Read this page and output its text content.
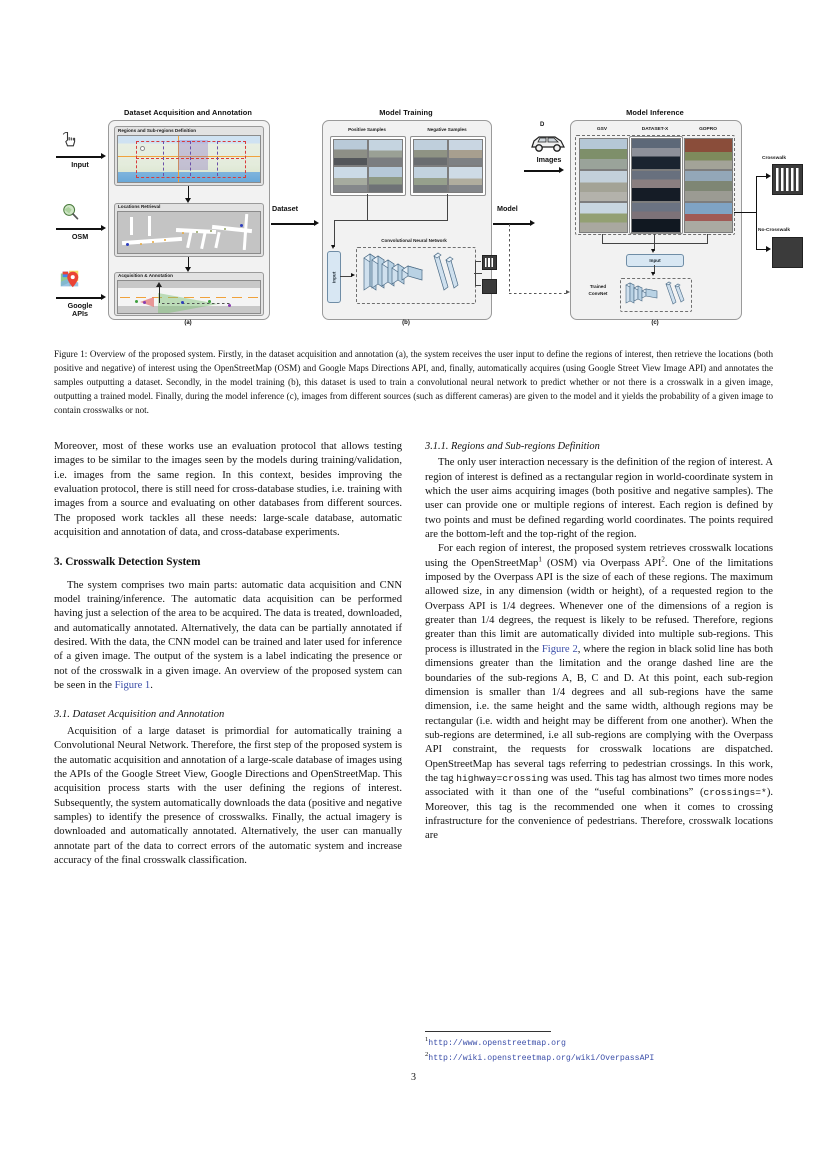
Input
OSM
Google
APIs
Dataset Acquisition and Annotation
Regions and Sub-regions Definition
Locations Retrieval
Acquisition & Annotation
(a)
Dataset
Model Training
Positive Samples	Negative Samples
Input
Convolutional Neural Network
(b)
Model
D
Images
Model Inference
GSV	DATASET-X	GOPRO
Input
Trained
ConvNet
(c)
Crosswalk
No-Crosswalk
Figure 1: Overview of the proposed system. Firstly, in the dataset acquisition and annotation (a), the system receives the user input to define the regions of interest, then retrieve the locations (both positive and negative) of interest using the OpenStreetMap (OSM) and Google Maps Directions API, and, finally, automatically acquires (using Google Street View Image API) and annotates the samples outputting a dataset. Secondly, in the model training (b), this dataset is used to train a convolutional neural network to predict whether or not there is a crosswalk in a given image, outputting a trained model. Finally, during the model inference (c), images from different sources (such as different cameras) are given to the model and it yields the probability of a given image to contain crosswalks or not.

Moreover, most of these works use an evaluation protocol that allows testing images to be similar to the images seen by the models during training/validation, i.e. images from the same region. In this context, besides improving the evaluation protocol, there is still need for cross-database studies, i.e. training with images from a source and evaluating on other databases from different sources. The proposed work tackles all these needs: large-scale database, automatic acquisition and annotation of data, and cross-database experiments.

3. Crosswalk Detection System

The system comprises two main parts: automatic data acquisition and CNN model training/inference. The automatic data acquisition can be performed having just a selection of the area to be acquired. The data is treated, downloaded, and automatically annotated. Alternatively, the data can be partially annotated if desired. With the data, the CNN model can be trained and later used for inference of a given image. The output of the system is a label indicating the presence or not of the crosswalk in a given image. An overview of the proposed system can be seen in the Figure 1.

3.1. Dataset Acquisition and Annotation

Acquisition of a large dataset is primordial for automatically training a Convolutional Neural Network. Therefore, the first step of the proposed system is the automatic acquisition and annotation of a large-scale database of images using the APIs of the Google Street View, Google Directions and OpenStreetMap. This acquisition process starts with the user defining the regions of interest. Subsequently, the system automatically downloads the data (positive and negative samples) to identify the presence of crosswalks. Finally, the actual imagery is downloaded and automatically annotated. Alternatively, the user can manually annotate part of the data to correct errors of the automatic system and increase accuracy of the final crosswalk classification.

3.1.1. Regions and Sub-regions Definition

The only user interaction necessary is the definition of the region of interest. A region of interest is defined as a rectangular region in world-coordinate system in which the user aims acquiring images (both positive and negative samples). The user can provide one or multiple regions of interest. Each region is defined by two points and must be defined regarding world coordinates. The points required are the bottom-left and the top-right of the region.

For each region of interest, the proposed system retrieves crosswalk locations using the OpenStreetMap$^1$ (OSM) via Overpass API$^2$. One of the limitations imposed by the Overpass API is the size of each of these regions. The maximum allowed size, in any dimension (width or height), of a requested region to the Overpass API is 1/4 degrees. Whenever one of the dimensions of a region is greater than 1/4 degrees, the request is likely to be refused. Therefore, regions greater than this limit are automatically divided into multiple sub-regions. This process is illustrated in the Figure 2, where the region in black solid line has both dimensions greater than the limitation and the orange dashed line are the boundaries of the sub-regions A, B, C and D. At this point, each sub-region dimension is smaller than 1/4 degrees and all sub-regions have the same dimension, i.e. the same height and the same width, although regions may be rectangular (i.e. width and height may be different from one another). When the sub-regions are determined, i.e all sub-regions are complying with the Overpass API constraint, the requests for crosswalk locations are dispatched. OpenStreetMap has several tags referring to pedestrian crossings. In this work, the tag highway=crossing was used. This tag has almost two times more nodes associated with it than one of the “useful combinations” (crossings=*). Moreover, this tag is the recommended one when it comes to crossing infrastructure for the convenience of pedestrians. Therefore, crosswalk locations are

$^1$http://www.openstreetmap.org
$^2$http://wiki.openstreetmap.org/wiki/OverpassAPI
3
